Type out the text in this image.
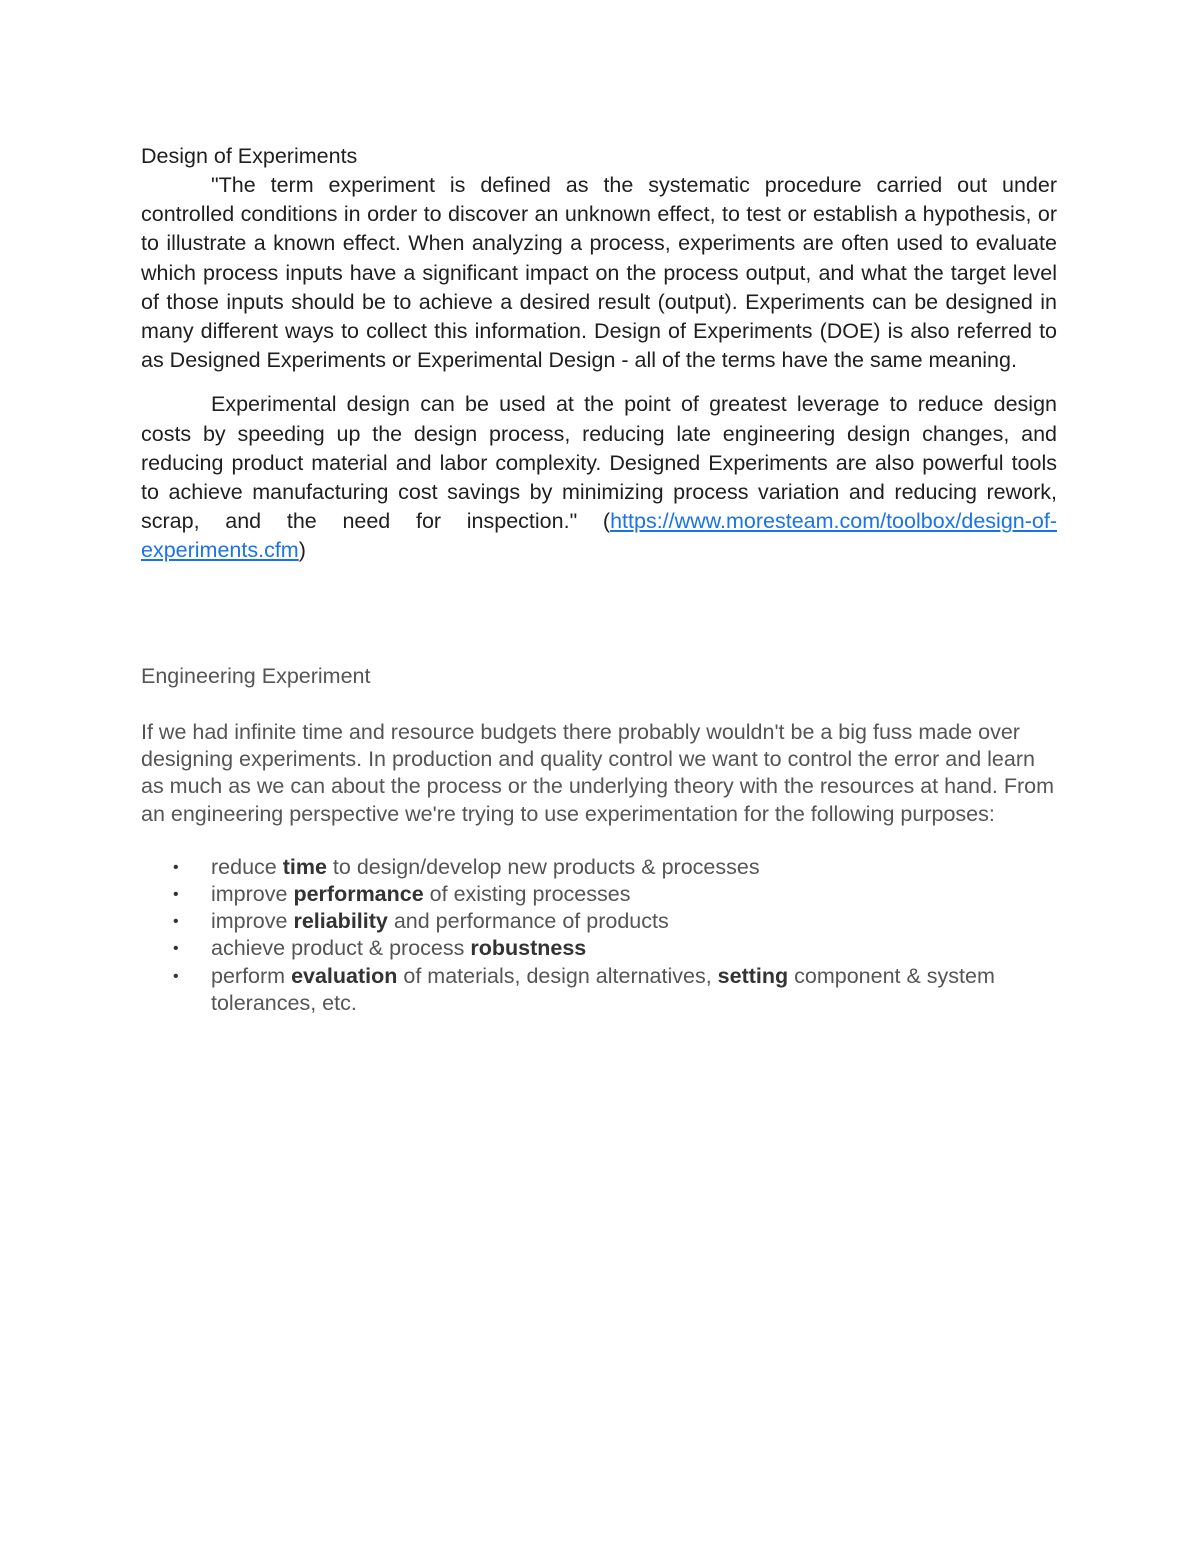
Design of Experiments

"The term experiment is defined as the systematic procedure carried out under controlled conditions in order to discover an unknown effect, to test or establish a hypothesis, or to illustrate a known effect. When analyzing a process, experiments are often used to evaluate which process inputs have a significant impact on the process output, and what the target level of those inputs should be to achieve a desired result (output). Experiments can be designed in many different ways to collect this information. Design of Experiments (DOE) is also referred to as Designed Experiments or Experimental Design - all of the terms have the same meaning.

Experimental design can be used at the point of greatest leverage to reduce design costs by speeding up the design process, reducing late engineering design changes, and reducing product material and labor complexity. Designed Experiments are also powerful tools to achieve manufacturing cost savings by minimizing process variation and reducing rework, scrap, and the need for inspection." (https://www.moresteam.com/toolbox/design-of-experiments.cfm)

Engineering Experiment

If we had infinite time and resource budgets there probably wouldn't be a big fuss made over designing experiments. In production and quality control we want to control the error and learn as much as we can about the process or the underlying theory with the resources at hand. From an engineering perspective we're trying to use experimentation for the following purposes:

• reduce time to design/develop new products & processes
• improve performance of existing processes
• improve reliability and performance of products
• achieve product & process robustness
• perform evaluation of materials, design alternatives, setting component & system tolerances, etc.
